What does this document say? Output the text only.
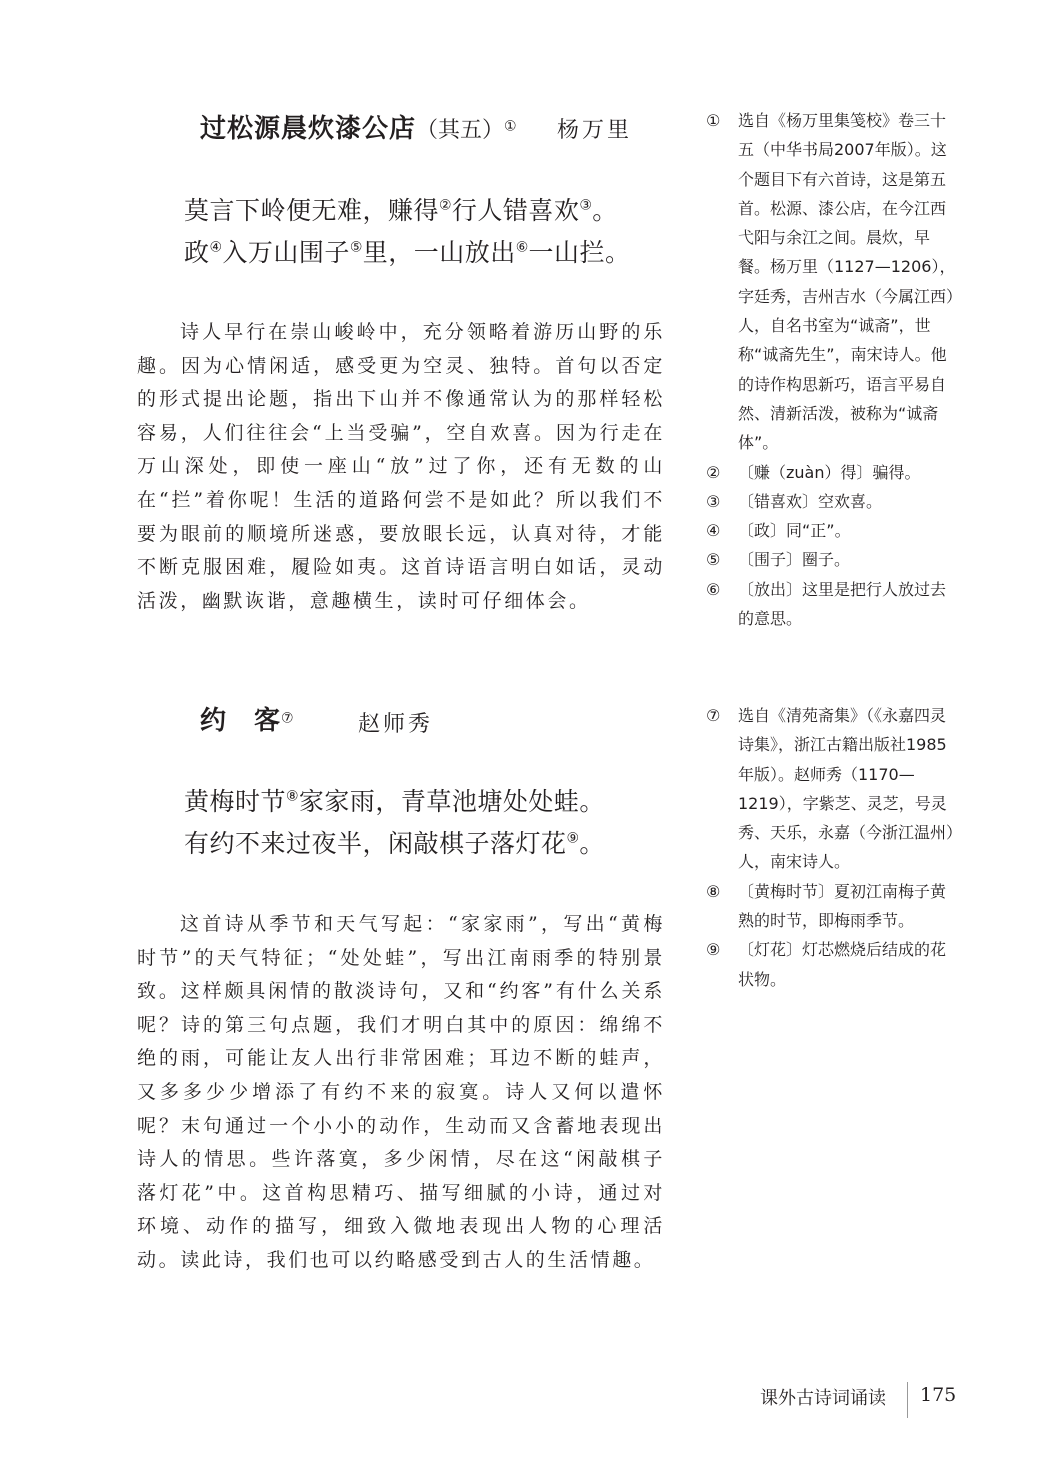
过松源晨炊漆公店（其五）① 杨万里
莫言下岭便无难，赚得②行人错喜欢③。
政④入万山围子⑤里，一山放出⑥一山拦。
诗人早行在崇山峻岭中，充分领略着游历山野的乐趣。因为心情闲适，感受更为空灵、独特。首句以否定的形式提出论题，指出下山并不像通常认为的那样轻松容易，人们往往会“上当受骗”，空自欢喜。因为行走在万山深处，即使一座山“放”过了你，还有无数的山在“拦”着你呢！生活的道路何尝不是如此？所以我们不要为眼前的顺境所迷惑，要放眼长远，认真对待，才能不断克服困难，履险如夷。这首诗语言明白如话，灵动活泼，幽默诙谐，意趣横生，读时可仔细体会。
约　客⑦	赵师秀
黄梅时节⑧家家雨，青草池塘处处蛙。
有约不来过夜半，闲敲棋子落灯花⑨。
这首诗从季节和天气写起：“家家雨”，写出“黄梅时节”的天气特征；“处处蛙”，写出江南雨季的特别景致。这样颇具闲情的散淡诗句，又和“约客”有什么关系呢？诗的第三句点题，我们才明白其中的原因：绵绵不绝的雨，可能让友人出行非常困难；耳边不断的蛙声，又多多少少增添了有约不来的寂寞。诗人又何以遣怀呢？末句通过一个小小的动作，生动而又含蓄地表现出诗人的情思。些许落寞，多少闲情，尽在这“闲敲棋子落灯花”中。这首构思精巧、描写细腻的小诗，通过对环境、动作的描写，细致入微地表现出人物的心理活动。读此诗，我们也可以约略感受到古人的生活情趣。
① 选自《杨万里集笺校》卷三十五（中华书局2007年版）。这个题目下有六首诗，这是第五首。松源、漆公店，在今江西弋阳与余江之间。晨炊，早餐。杨万里（1127—1206），字廷秀，吉州吉水（今属江西）人，自名书室为“诚斋”，世称“诚斋先生”，南宋诗人。他的诗作构思新巧，语言平易自然、清新活泼，被称为“诚斋体”。
② 〔赚（zuàn）得〕骗得。
③ 〔错喜欢〕空欢喜。
④ 〔政〕同“正”。
⑤ 〔围子〕圈子。
⑥ 〔放出〕这里是把行人放过去的意思。
⑦ 选自《清苑斋集》（《永嘉四灵诗集》，浙江古籍出版社1985年版）。赵师秀（1170—1219），字紫芝、灵芝，号灵秀、天乐，永嘉（今浙江温州）人，南宋诗人。
⑧ 〔黄梅时节〕夏初江南梅子黄熟的时节，即梅雨季节。
⑨ 〔灯花〕灯芯燃烧后结成的花状物。
课外古诗词诵读 175
